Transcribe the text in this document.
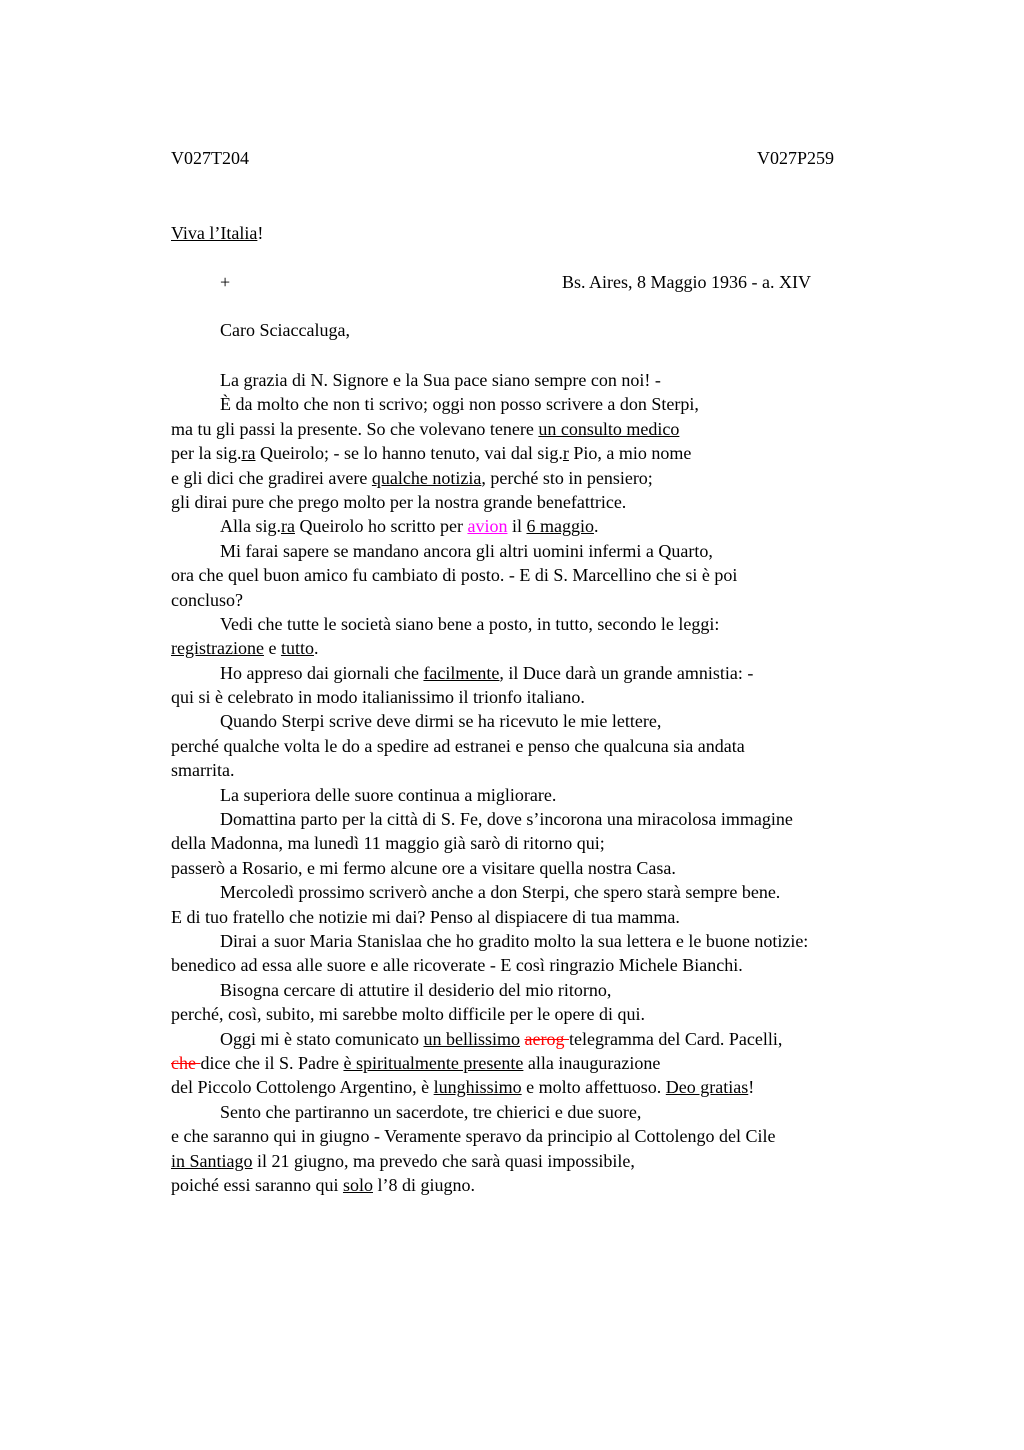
V027T204	V027P259
Viva l’Italia!
+	Bs. Aires, 8 Maggio 1936 - a. XIV
Caro Sciaccaluga,
La grazia di N. Signore e la Sua pace siano sempre con noi! -
È da molto che non ti scrivo; oggi non posso scrivere a don Sterpi,
ma tu gli passi la presente. So che volevano tenere un consulto medico
per la sig.ra Queirolo; - se lo hanno tenuto, vai dal sig.r Pio, a mio nome
e gli dici che gradirei avere qualche notizia, perché sto in pensiero;
gli dirai pure che prego molto per la nostra grande benefattrice.
Alla sig.ra Queirolo ho scritto per avion il 6 maggio.
Mi farai sapere se mandano ancora gli altri uomini infermi a Quarto,
ora che quel buon amico fu cambiato di posto. - E di S. Marcellino che si è poi
concluso?
Vedi che tutte le società siano bene a posto, in tutto, secondo le leggi:
registrazione e tutto.
Ho appreso dai giornali che facilmente, il Duce darà un grande amnistia: -
qui si è celebrato in modo italianissimo il trionfo italiano.
Quando Sterpi scrive deve dirmi se ha ricevuto le mie lettere,
perché qualche volta le do a spedire ad estranei e penso che qualcuna sia andata
smarrita.
La superiora delle suore continua a migliorare.
Domattina parto per la città di S. Fe, dove s’incorona una miracolosa immagine
della Madonna, ma lunedì 11 maggio già sarò di ritorno qui;
passerò a Rosario, e mi fermo alcune ore a visitare quella nostra Casa.
Mercoledì prossimo scriverò anche a don Sterpi, che spero starà sempre bene.
E di tuo fratello che notizie mi dai? Penso al dispiacere di tua mamma.
Dirai a suor Maria Stanislaa che ho gradito molto la sua lettera e le buone notizie:
benedico ad essa alle suore e alle ricoverate - E così ringrazio Michele Bianchi.
Bisogna cercare di attutire il desiderio del mio ritorno,
perché, così, subito, mi sarebbe molto difficile per le opere di qui.
Oggi mi è stato comunicato un bellissimo aerog telegramma del Card. Pacelli,
che dice che il S. Padre è spiritualmente presente alla inaugurazione
del Piccolo Cottolengo Argentino, è lunghissimo e molto affettuoso. Deo gratias!
Sento che partiranno un sacerdote, tre chierici e due suore,
e che saranno qui in giugno - Veramente speravo da principio al Cottolengo del Cile
in Santiago il 21 giugno, ma prevedo che sarà quasi impossibile,
poiché essi saranno qui solo l’8 di giugno.
